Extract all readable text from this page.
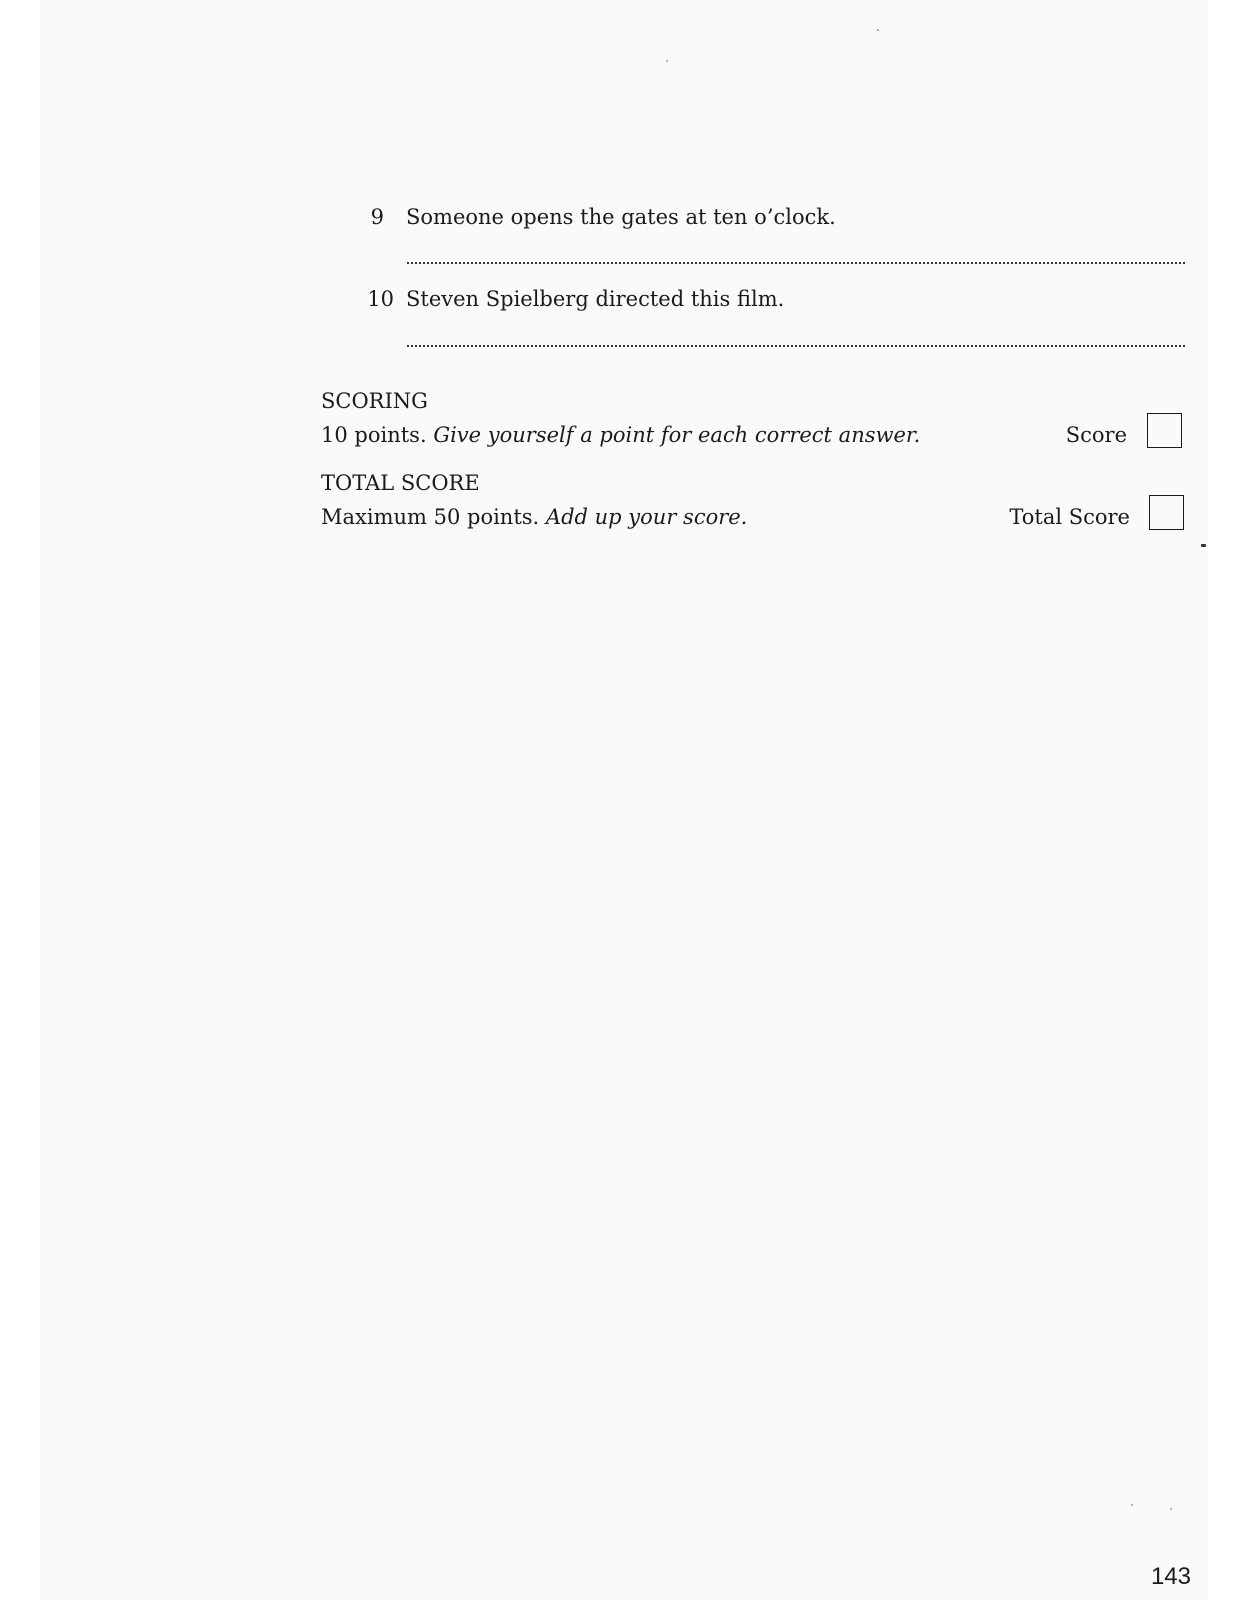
9 Someone opens the gates at ten o’clock.
10 Steven Spielberg directed this film.
SCORING
10 points. Give yourself a point for each correct answer.	Score
TOTAL SCORE
Maximum 50 points. Add up your score.	Total Score
143
